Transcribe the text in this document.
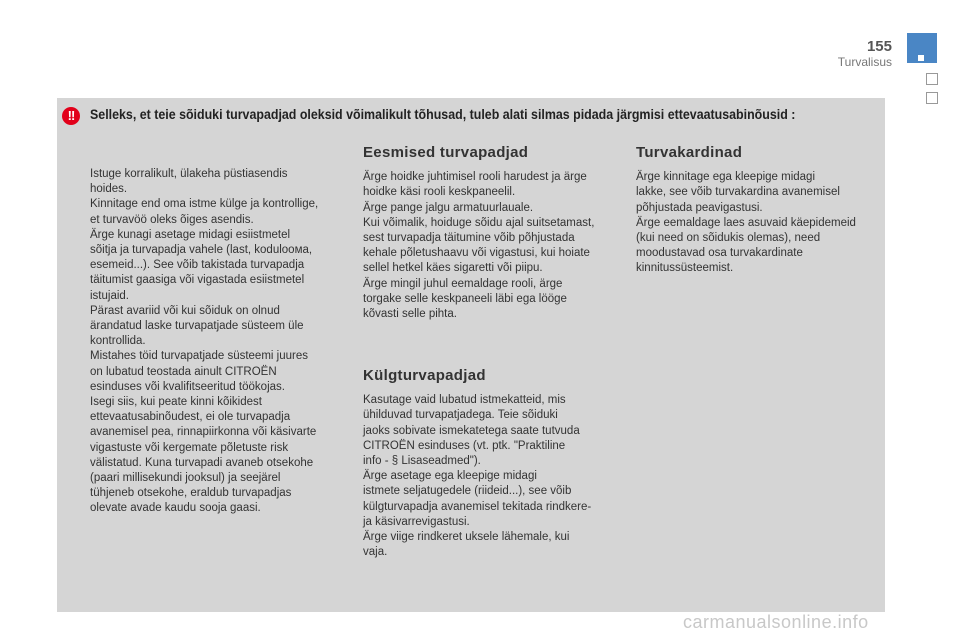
155
Turvalisus
!!	Selleks, et teie sõiduki turvapadjad oleksid võimalikult tõhusad, tuleb alati silmas pidada järgmisi ettevaatusabinõusid :

Istuge korralikult, ülakeha püstiasendis
hoides.
Kinnitage end oma istme külge ja kontrollige,
et turvavöö oleks õiges asendis.
Ärge kunagi asetage midagi esiistmetel
sõitja ja turvapadja vahele (last, koduloома,
esemeid...). See võib takistada turvapadja
täitumist gaasiga või vigastada esiistmetel
istujaid.
Pärast avariid või kui sõiduk on olnud
ärandatud laske turvapatjade süsteem üle
kontrollida.
Mistahes töid turvapatjade süsteemi juures
on lubatud teostada ainult CITROËN
esinduses või kvalifitseeritud töökojas.
Isegi siis, kui peate kinni kõikidest
ettevaatusabinõudest, ei ole turvapadja
avanemisel pea, rinnapiirkonna või käsivarte
vigastuste või kergemate põletuste risk
välistatud. Kuna turvapadi avaneb otsekohe
(paari millisekundi jooksul) ja seejärel
tühjeneb otsekohe, eraldub turvapadjas
olevate avade kaudu sooja gaasi.

Eesmised turvapadjad

Ärge hoidke juhtimisel rooli harudest ja ärge
hoidke käsi rooli keskpaneelil.
Ärge pange jalgu armatuurlauale.
Kui võimalik, hoiduge sõidu ajal suitsetamast,
sest turvapadja täitumine võib põhjustada
kehale põletushaavu või vigastusi, kui hoiate
sellel hetkel käes sigaretti või piipu.
Ärge mingil juhul eemaldage rooli, ärge
torgake selle keskpaneeli läbi ega lööge
kõvasti selle pihta.

Külgturvapadjad

Kasutage vaid lubatud istmekatteid, mis
ühilduvad turvapatjadega. Teie sõiduki
jaoks sobivate ismekatetega saate tutvuda
CITROËN esinduses (vt. ptk. "Praktiline
info - § Lisaseadmed").
Ärge asetage ega kleepige midagi
istmete seljatugedele (riideid...), see võib
külgturvapadja avanemisel tekitada rindkere-
ja käsivarrevigastusi.
Ärge viige rindkeret uksele lähemale, kui
vaja.

Turvakardinad

Ärge kinnitage ega kleepige midagi
lakke, see võib turvakardina avanemisel
põhjustada peavigastusi.
Ärge eemaldage laes asuvaid käepidemeid
(kui need on sõidukis olemas), need
moodustavad osa turvakardinate
kinnitussüsteemist.

carmanualsonline.info
